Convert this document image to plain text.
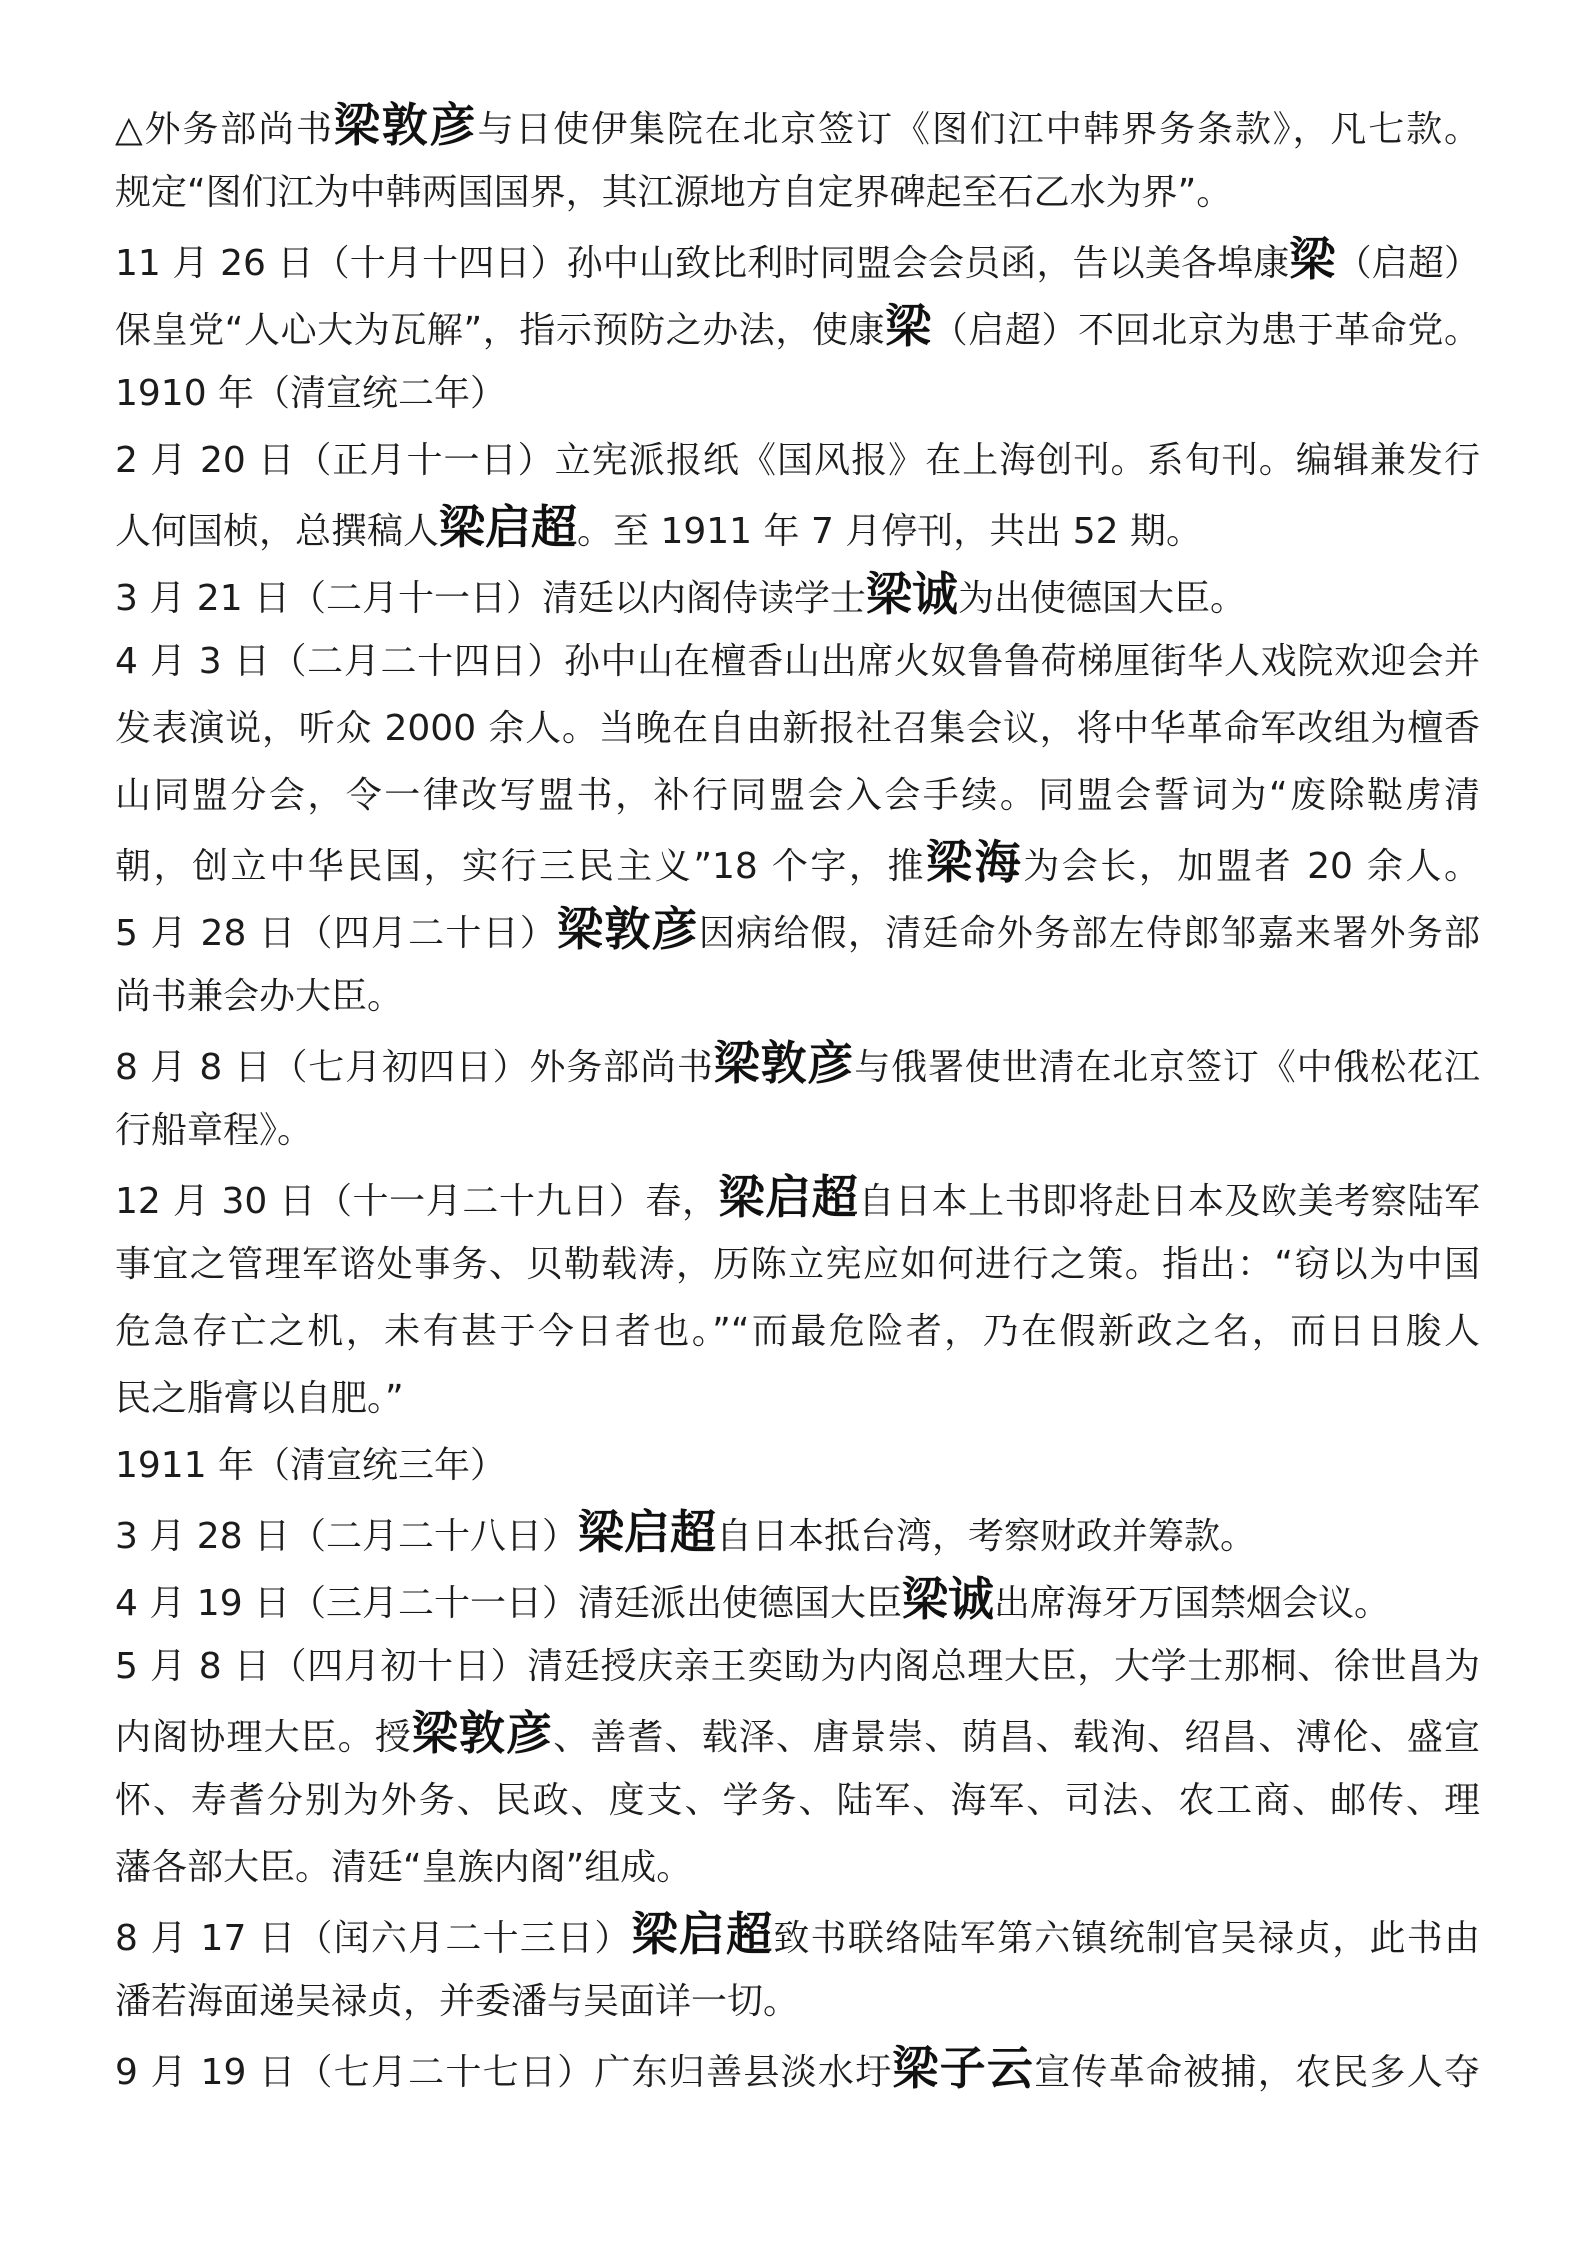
△外务部尚书梁敦彦与日使伊集院在北京签订《图们江中韩界务条款》，凡七款。
规定“图们江为中韩两国国界，其江源地方自定界碑起至石乙水为界”。
11 月 26 日（十月十四日）孙中山致比利时同盟会会员函，告以美各埠康梁（启超）
保皇党“人心大为瓦解”，指示预防之办法，使康梁（启超）不回北京为患于革命党。
1910 年（清宣统二年）
2 月 20 日（正月十一日）立宪派报纸《国风报》在上海创刊。系旬刊。编辑兼发行
人何国桢，总撰稿人梁启超。至 1911 年 7 月停刊，共出 52 期。
3 月 21 日（二月十一日）清廷以内阁侍读学士梁诚为出使德国大臣。
4 月 3 日（二月二十四日）孙中山在檀香山出席火奴鲁鲁荷梯厘街华人戏院欢迎会并
发表演说，听众 2000 余人。当晚在自由新报社召集会议，将中华革命军改组为檀香
山同盟分会，令一律改写盟书，补行同盟会入会手续。同盟会誓词为“废除鞑虏清
朝，创立中华民国，实行三民主义”18 个字，推梁海为会长，加盟者 20 余人。
5 月 28 日（四月二十日）梁敦彦因病给假，清廷命外务部左侍郎邹嘉来署外务部
尚书兼会办大臣。
8 月 8 日（七月初四日）外务部尚书梁敦彦与俄署使世清在北京签订《中俄松花江
行船章程》。
12 月 30 日（十一月二十九日）春，梁启超自日本上书即将赴日本及欧美考察陆军
事宜之管理军谘处事务、贝勒载涛，历陈立宪应如何进行之策。指出：“窃以为中国
危急存亡之机，未有甚于今日者也。”“而最危险者，乃在假新政之名，而日日朘人
民之脂膏以自肥。”
1911 年（清宣统三年）
3 月 28 日（二月二十八日）梁启超自日本抵台湾，考察财政并筹款。
4 月 19 日（三月二十一日）清廷派出使德国大臣梁诚出席海牙万国禁烟会议。
5 月 8 日（四月初十日）清廷授庆亲王奕劻为内阁总理大臣，大学士那桐、徐世昌为
内阁协理大臣。授梁敦彦、善耆、载泽、唐景崇、荫昌、载洵、绍昌、溥伦、盛宣
怀、寿耆分别为外务、民政、度支、学务、陆军、海军、司法、农工商、邮传、理
藩各部大臣。清廷“皇族内阁”组成。
8 月 17 日（闰六月二十三日）梁启超致书联络陆军第六镇统制官吴禄贞，此书由
潘若海面递吴禄贞，并委潘与吴面详一切。
9 月 19 日（七月二十七日）广东归善县淡水圩梁子云宣传革命被捕，农民多人夺
